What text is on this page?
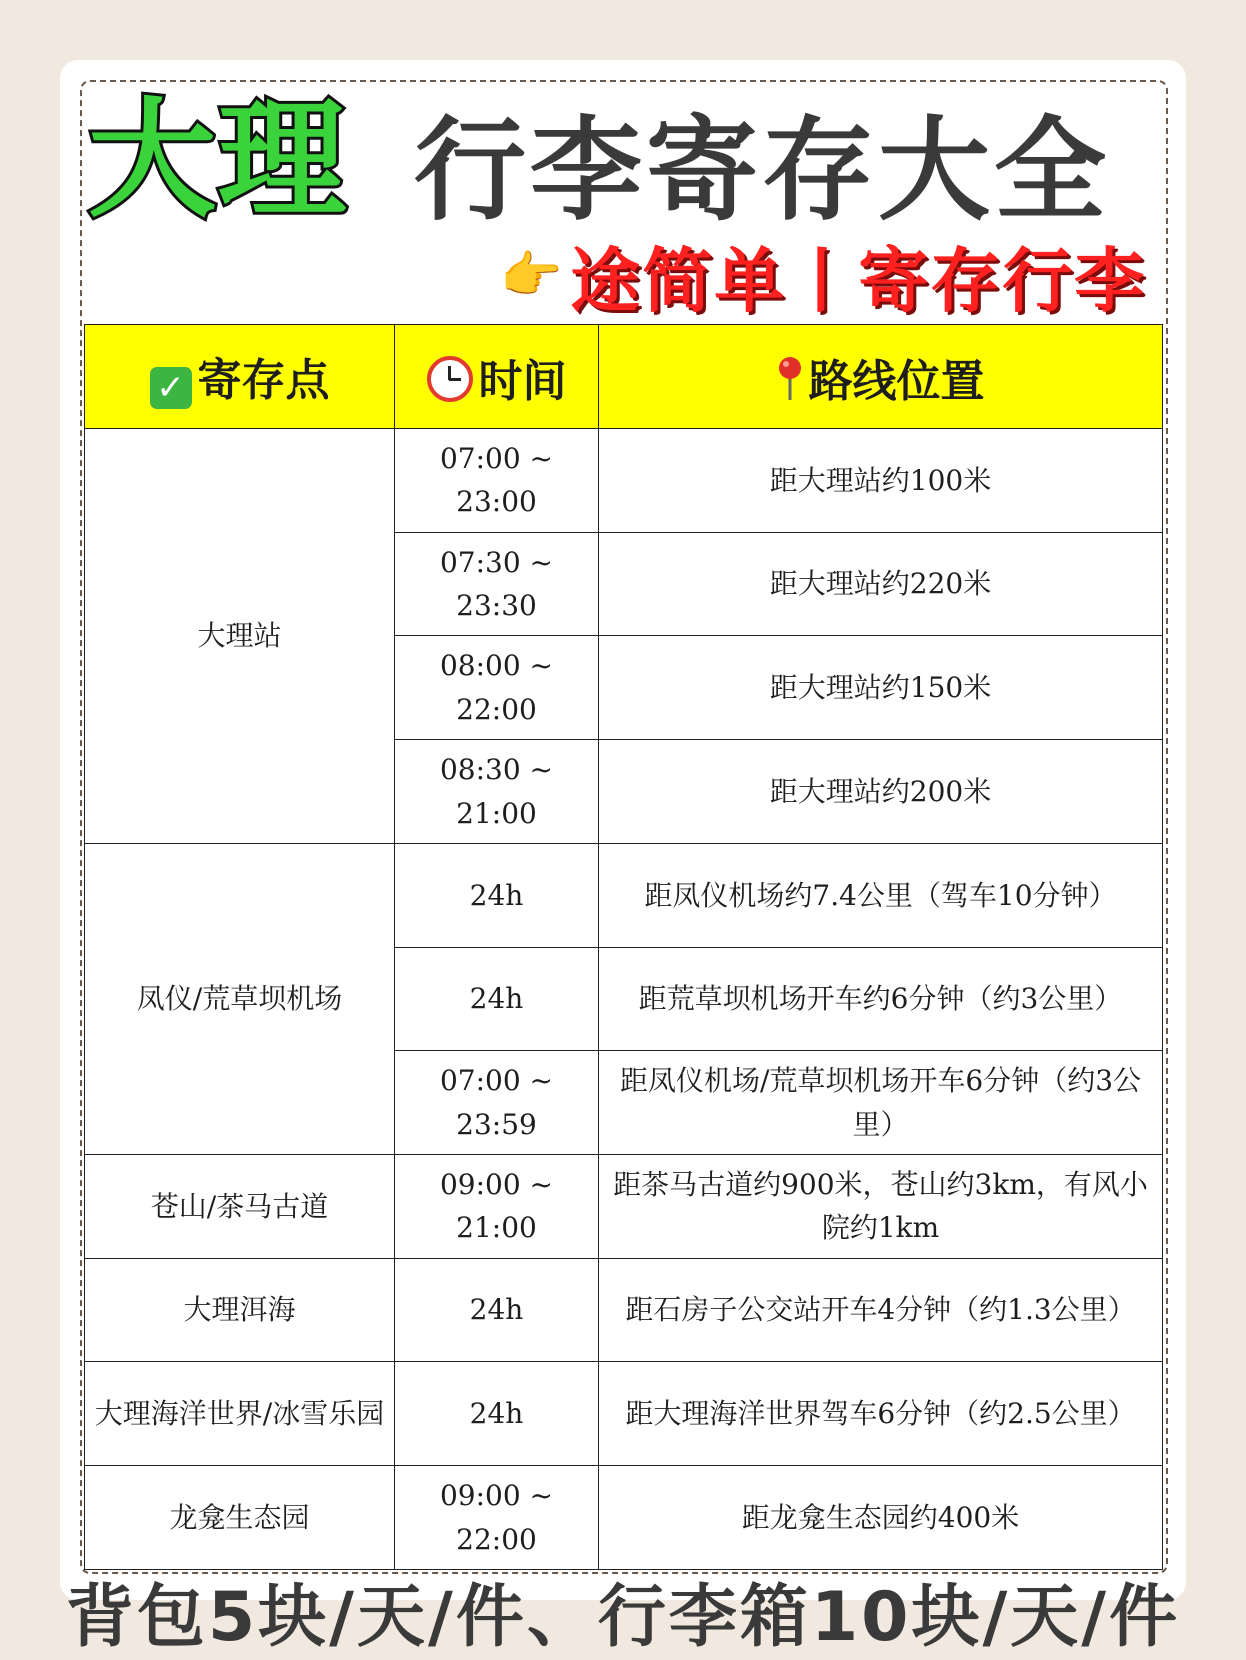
大理 行李寄存大全
👉 途简单丨寄存行李
✓ 寄存点	时间	路线位置
大理站	07:00 ~ 23:00	距大理站约100米
	07:30 ~ 23:30	距大理站约220米
	08:00 ~ 22:00	距大理站约150米
	08:30 ~ 21:00	距大理站约200米
凤仪/荒草坝机场	24h	距凤仪机场约7.4公里（驾车10分钟）
	24h	距荒草坝机场开车约6分钟（约3公里）
	07:00 ~ 23:59	距凤仪机场/荒草坝机场开车6分钟（约3公里）
苍山/茶马古道	09:00 ~ 21:00	距茶马古道约900米，苍山约3km，有风小院约1km
大理洱海	24h	距石房子公交站开车4分钟（约1.3公里）
大理海洋世界/冰雪乐园	24h	距大理海洋世界驾车6分钟（约2.5公里）
龙龛生态园	09:00 ~ 22:00	距龙龛生态园约400米
背包5块/天/件、行李箱10块/天/件
